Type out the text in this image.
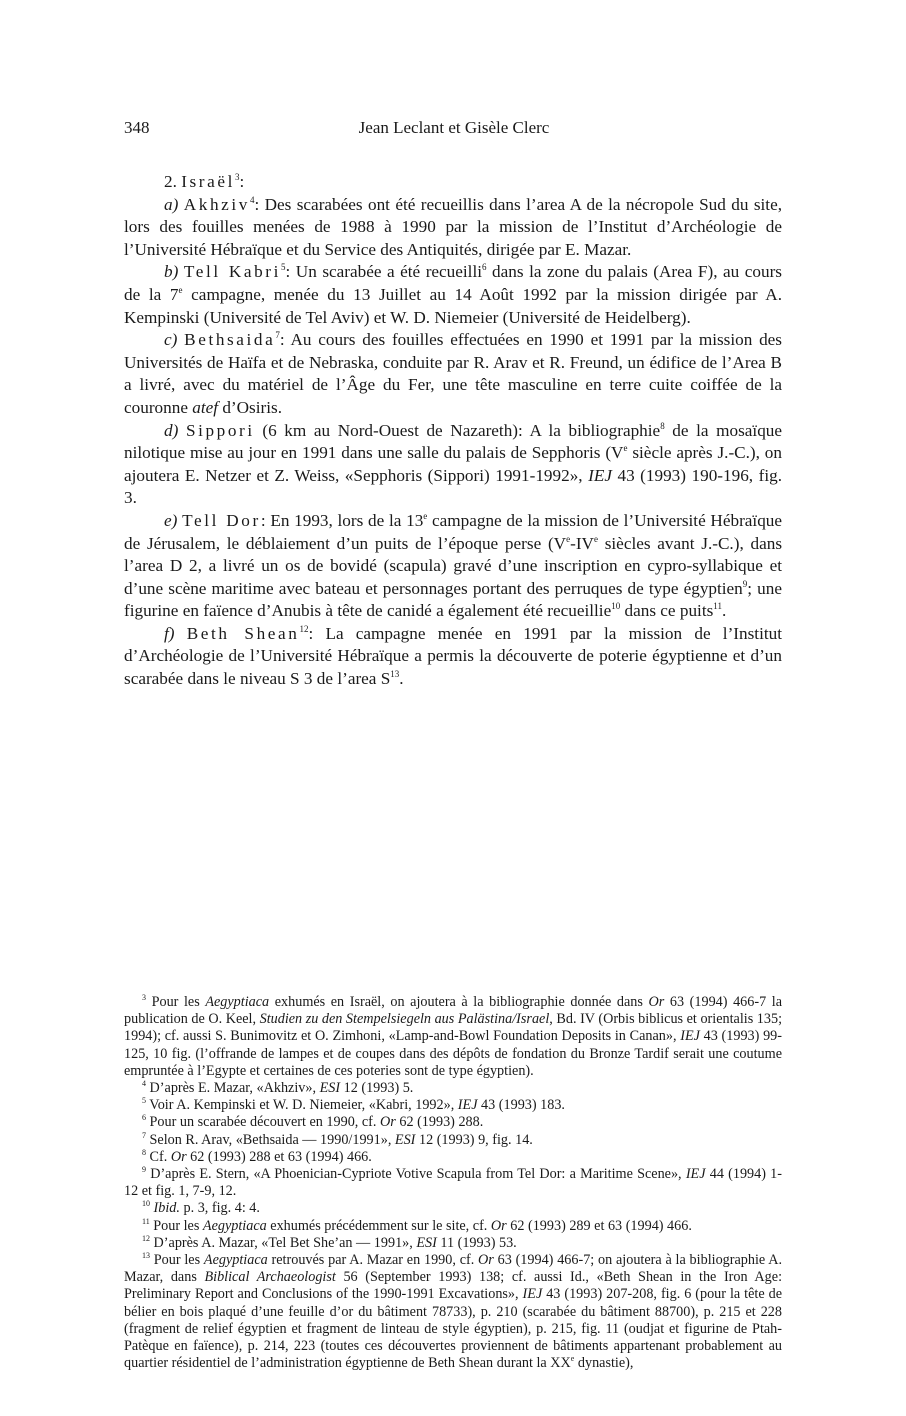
348	Jean Leclant et Gisèle Clerc

2. Israël$^3$:

a) Akhziv$^4$: Des scarabées ont été recueillis dans l’area A de la nécropole Sud du site, lors des fouilles menées de 1988 à 1990 par la mission de l’Institut d’Archéologie de l’Université Hébraïque et du Service des Antiquités, dirigée par E. Mazar.

b) Tell Kabri$^5$: Un scarabée a été recueilli$^6$ dans la zone du palais (Area F), au cours de la 7e campagne, menée du 13 Juillet au 14 Août 1992 par la mission dirigée par A. Kempinski (Université de Tel Aviv) et W. D. Niemeier (Université de Heidelberg).

c) Bethsaida$^7$: Au cours des fouilles effectuées en 1990 et 1991 par la mission des Universités de Haïfa et de Nebraska, conduite par R. Arav et R. Freund, un édifice de l’Area B a livré, avec du matériel de l’Âge du Fer, une tête masculine en terre cuite coiffée de la couronne atef d’Osiris.

d) Sippori (6 km au Nord-Ouest de Nazareth): A la bibliographie$^8$ de la mosaïque nilotique mise au jour en 1991 dans une salle du palais de Sepphoris (Ve siècle après J.-C.), on ajoutera E. Netzer et Z. Weiss, «Sepphoris (Sippori) 1991-1992», IEJ 43 (1993) 190-196, fig. 3.

e) Tell Dor: En 1993, lors de la 13e campagne de la mission de l’Université Hébraïque de Jérusalem, le déblaiement d’un puits de l’époque perse (Ve-IVe siècles avant J.-C.), dans l’area D 2, a livré un os de bovidé (scapula) gravé d’une inscription en cypro-syllabique et d’une scène maritime avec bateau et personnages portant des perruques de type égyptien$^9$; une figurine en faïence d’Anubis à tête de canidé a également été recueillie$^{10}$ dans ce puits$^{11}$.

f) Beth Shean$^{12}$: La campagne menée en 1991 par la mission de l’Institut d’Archéologie de l’Université Hébraïque a permis la découverte de poterie égyptienne et d’un scarabée dans le niveau S 3 de l’area $S^{13}$.

$^3$ Pour les Aegyptiaca exhumés en Israël, on ajoutera à la bibliographie donnée dans Or 63 (1994) 466-7 la publication de O. Keel, Studien zu den Stempelsiegeln aus Palästina/Israel, Bd. IV (Orbis biblicus et orientalis 135; 1994); cf. aussi S. Bunimovitz et O. Zimhoni, «Lamp-and-Bowl Foundation Deposits in Canan», IEJ 43 (1993) 99-125, 10 fig. (l’offrande de lampes et de coupes dans des dépôts de fondation du Bronze Tardif serait une coutume empruntée à l’Egypte et certaines de ces poteries sont de type égyptien).

$^4$ D’après E. Mazar, «Akhziv», ESI 12 (1993) 5.

$^5$ Voir A. Kempinski et W. D. Niemeier, «Kabri, 1992», IEJ 43 (1993) 183.

$^6$ Pour un scarabée découvert en 1990, cf. Or 62 (1993) 288.

$^7$ Selon R. Arav, «Bethsaida — 1990/1991», ESI 12 (1993) 9, fig. 14.

$^8$ Cf. Or 62 (1993) 288 et 63 (1994) 466.

$^9$ D’après E. Stern, «A Phoenician-Cypriote Votive Scapula from Tel Dor: a Maritime Scene», IEJ 44 (1994) 1-12 et fig. 1, 7-9, 12.

$^{10}$ Ibid. p. 3, fig. 4: 4.

$^{11}$ Pour les Aegyptiaca exhumés précédemment sur le site, cf. Or 62 (1993) 289 et 63 (1994) 466.

$^{12}$ D’après A. Mazar, «Tel Bet She’an — 1991», ESI 11 (1993) 53.

$^{13}$ Pour les Aegyptiaca retrouvés par A. Mazar en 1990, cf. Or 63 (1994) 466-7; on ajoutera à la bibliographie A. Mazar, dans Biblical Archaeologist 56 (September 1993) 138; cf. aussi Id., «Beth Shean in the Iron Age: Preliminary Report and Conclusions of the 1990-1991 Excavations», IEJ 43 (1993) 207-208, fig. 6 (pour la tête de bélier en bois plaqué d’une feuille d’or du bâtiment 78733), p. 210 (scarabée du bâtiment 88700), p. 215 et 228 (fragment de relief égyptien et fragment de linteau de style égyptien), p. 215, fig. 11 (oudjat et figurine de Ptah-Patèque en faïence), p. 214, 223 (toutes ces découvertes proviennent de bâtiments appartenant probablement au quartier résidentiel de l’administration égyptienne de Beth Shean durant la XXe dynastie),
